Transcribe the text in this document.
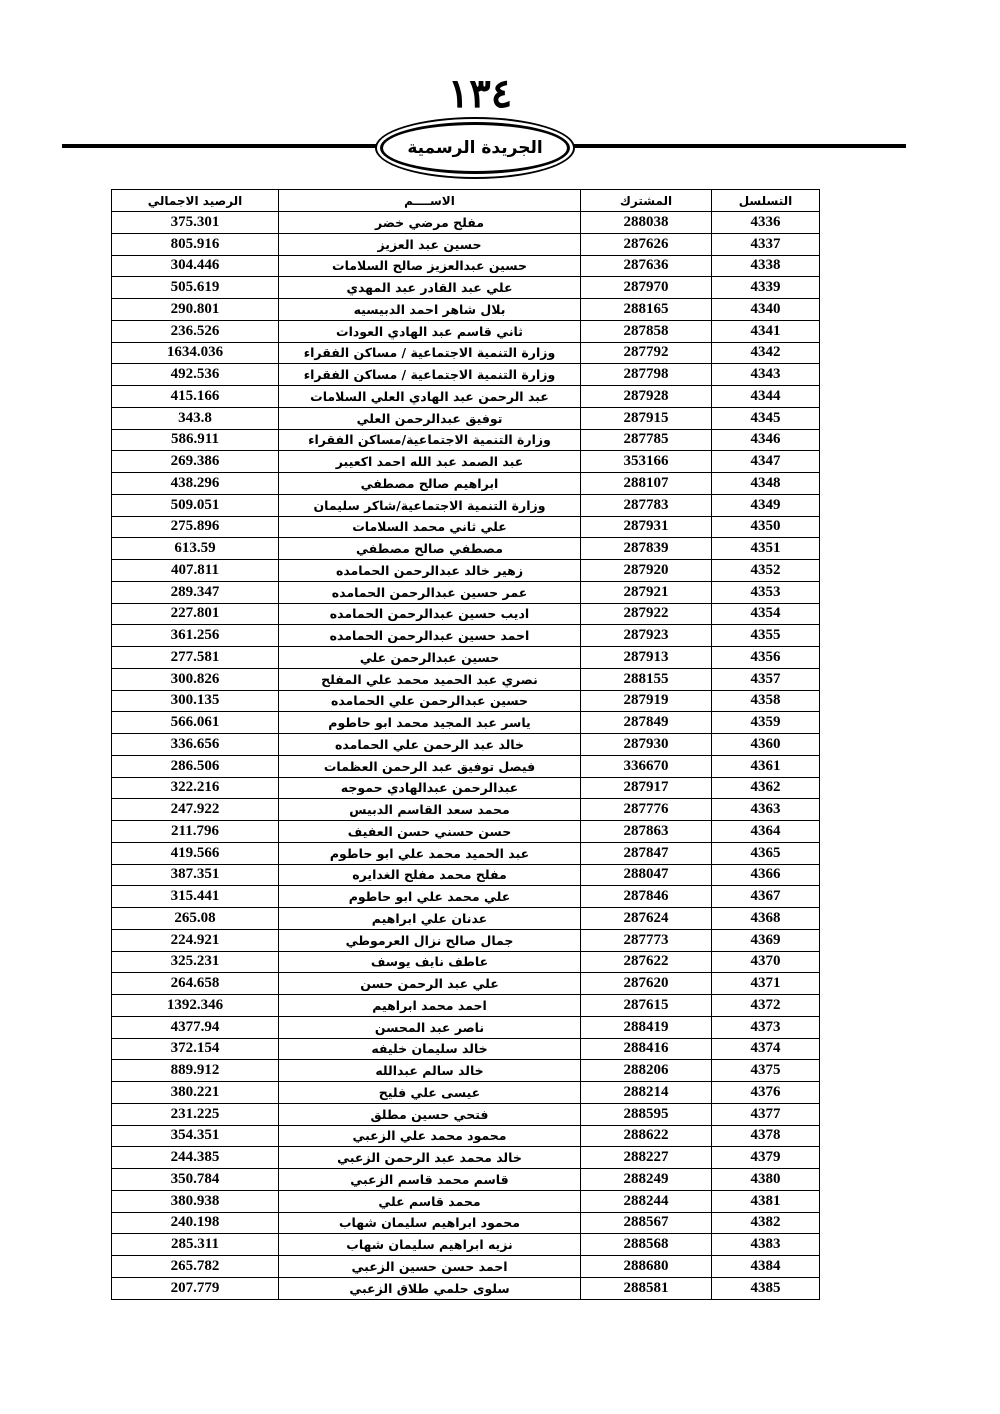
١٣٤
الجريدة الرسمية
التسلسل	المشترك	الاســــم	الرصيد الاجمالي
4336	288038	مفلح مرضي خضر	375.301
4337	287626	حسين عبد العزيز	805.916
4338	287636	حسين عبدالعزيز صالح السلامات	304.446
4339	287970	علي عبد القادر عبد المهدي	505.619
4340	288165	بلال شاهر احمد الدبيسيه	290.801
4341	287858	ثاني قاسم عبد الهادي العودات	236.526
4342	287792	وزارة التنمية الاجتماعية / مساكن الفقراء	1634.036
4343	287798	وزارة التنمية الاجتماعية / مساكن الفقراء	492.536
4344	287928	عبد الرحمن عبد الهادي العلي السلامات	415.166
4345	287915	توفيق عبدالرحمن العلي	343.8
4346	287785	وزارة التنمية الاجتماعية/مساكن الفقراء	586.911
4347	353166	عبد الصمد عبد الله احمد اكعيبر	269.386
4348	288107	ابراهيم صالح مصطفي	438.296
4349	287783	وزارة التنمية الاجتماعية/شاكر سليمان	509.051
4350	287931	علي ثاني محمد السلامات	275.896
4351	287839	مصطفي صالح مصطفي	613.59
4352	287920	زهير خالد عبدالرحمن الحمامده	407.811
4353	287921	عمر حسين عبدالرحمن الحمامده	289.347
4354	287922	اديب حسين عبدالرحمن الحمامده	227.801
4355	287923	احمد حسين عبدالرحمن الحمامده	361.256
4356	287913	حسين عبدالرحمن علي	277.581
4357	288155	نصري عبد الحميد محمد علي المفلح	300.826
4358	287919	حسين عبدالرحمن علي الحمامده	300.135
4359	287849	ياسر عبد المجيد محمد ابو حاطوم	566.061
4360	287930	خالد عبد الرحمن علي الحمامده	336.656
4361	336670	فيصل توفيق عبد الرحمن العظمات	286.506
4362	287917	عبدالرحمن عبدالهادي حموجه	322.216
4363	287776	محمد سعد القاسم الدبيس	247.922
4364	287863	حسن حسني حسن العفيف	211.796
4365	287847	عبد الحميد محمد علي ابو حاطوم	419.566
4366	288047	مفلح محمد مفلح الغدايره	387.351
4367	287846	علي محمد علي ابو حاطوم	315.441
4368	287624	عدنان علي ابراهيم	265.08
4369	287773	جمال صالح نزال العرموطي	224.921
4370	287622	عاطف نايف يوسف	325.231
4371	287620	علي عبد الرحمن حسن	264.658
4372	287615	احمد محمد ابراهيم	1392.346
4373	288419	ناصر عبد المحسن	4377.94
4374	288416	خالد سليمان خليفه	372.154
4375	288206	خالد سالم عبدالله	889.912
4376	288214	عيسى علي فليح	380.221
4377	288595	فتحي حسين مطلق	231.225
4378	288622	محمود محمد علي الزعبي	354.351
4379	288227	خالد محمد عبد الرحمن الزعبي	244.385
4380	288249	قاسم محمد قاسم الزعبي	350.784
4381	288244	محمد قاسم علي	380.938
4382	288567	محمود ابراهيم سليمان شهاب	240.198
4383	288568	نزيه ابراهيم سليمان شهاب	285.311
4384	288680	احمد حسن حسين الزعبي	265.782
4385	288581	سلوى حلمي طلاق الزعبي	207.779
